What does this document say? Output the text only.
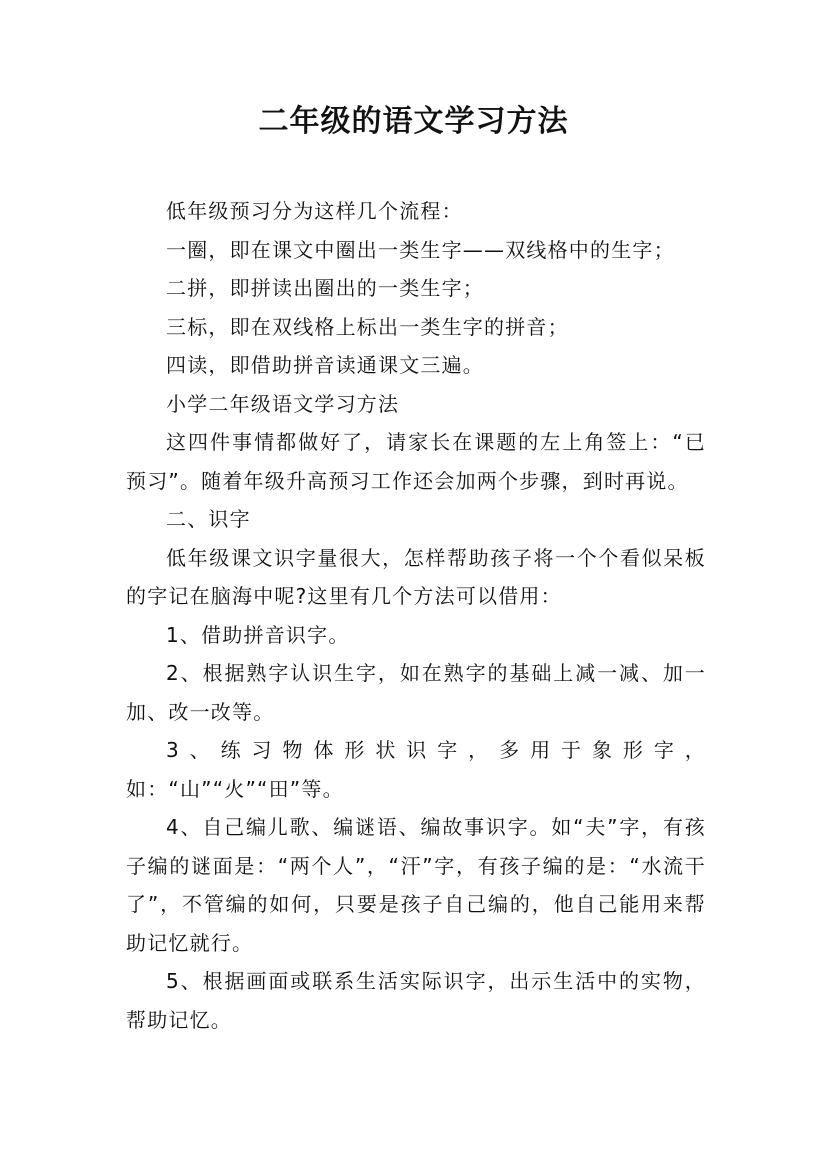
二年级的语文学习方法

低年级预习分为这样几个流程：

一圈，即在课文中圈出一类生字——双线格中的生字；

二拼，即拼读出圈出的一类生字；

三标，即在双线格上标出一类生字的拼音；

四读，即借助拼音读通课文三遍。

小学二年级语文学习方法

这四件事情都做好了，请家长在课题的左上角签上：“已预习”。随着年级升高预习工作还会加两个步骤，到时再说。

二、识字

低年级课文识字量很大，怎样帮助孩子将一个个看似呆板的字记在脑海中呢?这里有几个方法可以借用：

1、借助拼音识字。

2、根据熟字认识生字，如在熟字的基础上减一减、加一加、改一改等。

3、练习物体形状识字，多用于象形字，如：“山”“火”“田”等。

4、自己编儿歌、编谜语、编故事识字。如“夫”字，有孩子编的谜面是：“两个人”，“汗”字，有孩子编的是：“水流干了”，不管编的如何，只要是孩子自己编的，他自己能用来帮助记忆就行。

5、根据画面或联系生活实际识字，出示生活中的实物，帮助记忆。
